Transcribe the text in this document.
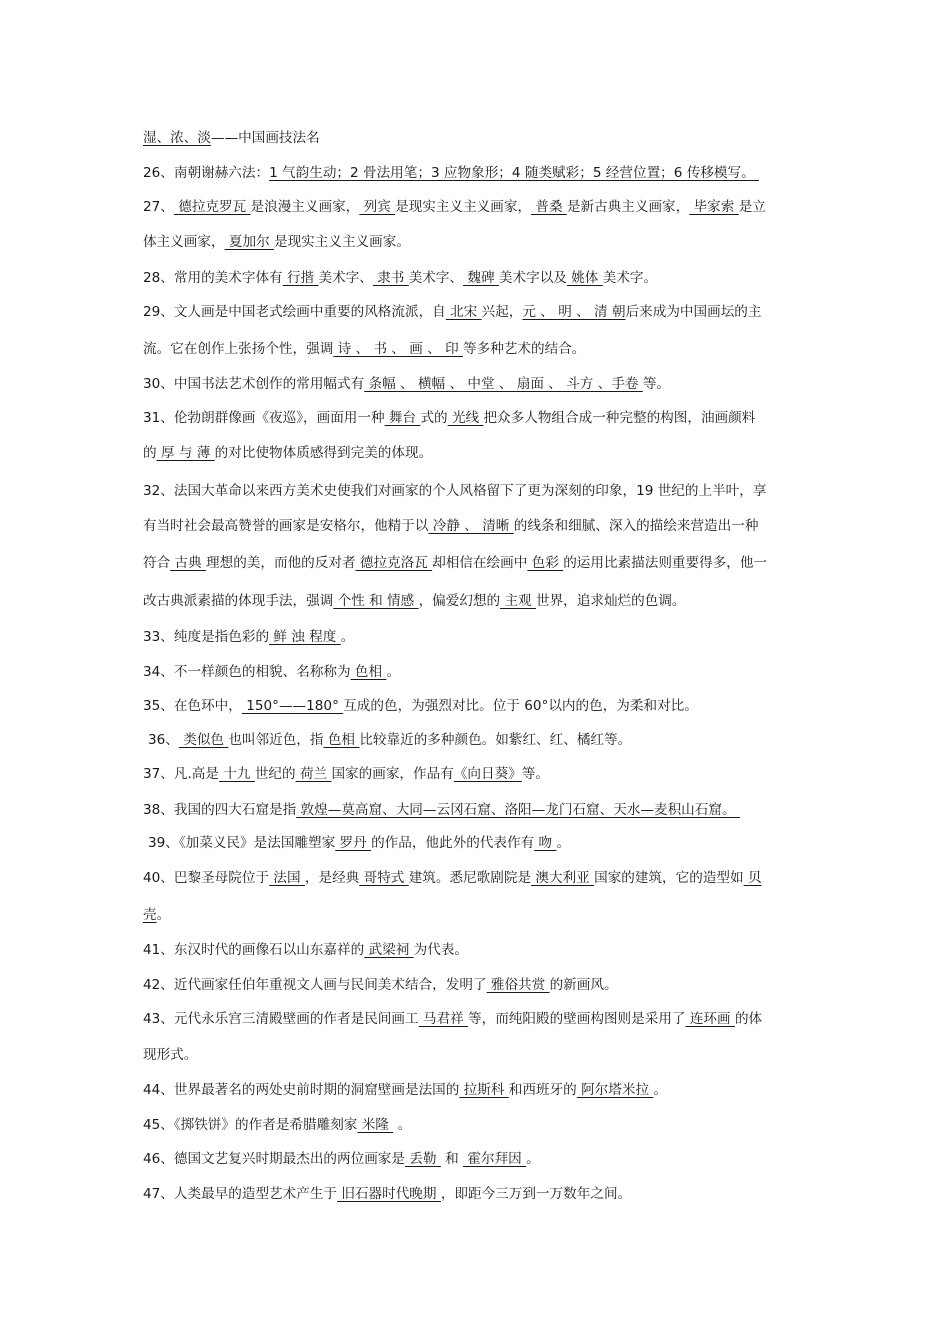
湿、浓、淡——中国画技法名
26、南朝谢赫六法：1 气韵生动；2 骨法用笔；3 应物象形；4 随类赋彩；5 经营位置；6 传移模写。
27、 德拉克罗瓦 是浪漫主义画家， 列宾 是现实主义主义画家， 普桑 是新古典主义画家， 毕家索 是立
体主义画家， 夏加尔 是现实主义主义画家。
28、常用的美术字体有 行揩 美术字、 隶书 美术字、 魏碑 美术字以及 姚体 美术字。
29、文人画是中国老式绘画中重要的风格流派，自 北宋 兴起，元 、 明 、 清 朝后来成为中国画坛的主
流。它在创作上张扬个性，强调 诗 、 书 、 画 、 印 等多种艺术的结合。
30、中国书法艺术创作的常用幅式有 条幅 、 横幅 、 中堂 、 扇面 、 斗方 、手卷 等。
31、伦勃朗群像画《夜巡》，画面用一种 舞台 式的 光线 把众多人物组合成一种完整的构图，油画颜料
的 厚 与 薄 的对比使物体质感得到完美的体现。
32、法国大革命以来西方美术史使我们对画家的个人风格留下了更为深刻的印象，19 世纪的上半叶，享
有当时社会最高赞誉的画家是安格尔，他精于以 冷静 、 清晰 的线条和细腻、深入的描绘来营造出一种
符合 古典 理想的美，而他的反对者 德拉克洛瓦 却相信在绘画中 色彩 的运用比素描法则重要得多，他一
改古典派素描的体现手法，强调 个性 和 情感 ，偏爱幻想的 主观 世界，追求灿烂的色调。
33、纯度是指色彩的 鲜 浊 程度 。
34、不一样颜色的相貌、名称称为 色相 。
35、在色环中， 150°——180° 互成的色，为强烈对比。位于 60°以内的色，为柔和对比。
36、 类似色 也叫邻近色，指 色相 比较靠近的多种颜色。如紫红、红、橘红等。
37、凡.高是 十九 世纪的 荷兰 国家的画家，作品有《向日葵》等。
38、我国的四大石窟是指 敦煌—莫高窟、大同—云冈石窟、洛阳—龙门石窟、天水—麦积山石窟。
39、《加菜义民》是法国雕塑家 罗丹 的作品，他此外的代表作有 吻 。
40、巴黎圣母院位于 法国 ，是经典 哥特式 建筑。悉尼歌剧院是 澳大利亚 国家的建筑，它的造型如 贝
壳。
41、东汉时代的画像石以山东嘉祥的 武梁祠 为代表。
42、近代画家任伯年重视文人画与民间美术结合，发明了 雅俗共赏 的新画风。
43、元代永乐宫三清殿壁画的作者是民间画工 马君祥 等，而纯阳殿的壁画构图则是采用了 连环画 的体
现形式。
44、世界最著名的两处史前时期的洞窟壁画是法国的 拉斯科 和西班牙的 阿尔塔米拉 。
45、《掷铁饼》的作者是希腊雕刻家 米隆  。
46、德国文艺复兴时期最杰出的两位画家是 丢勒  和  霍尔拜因 。
47、人类最早的造型艺术产生于 旧石器时代晚期 ，即距今三万到一万数年之间。
